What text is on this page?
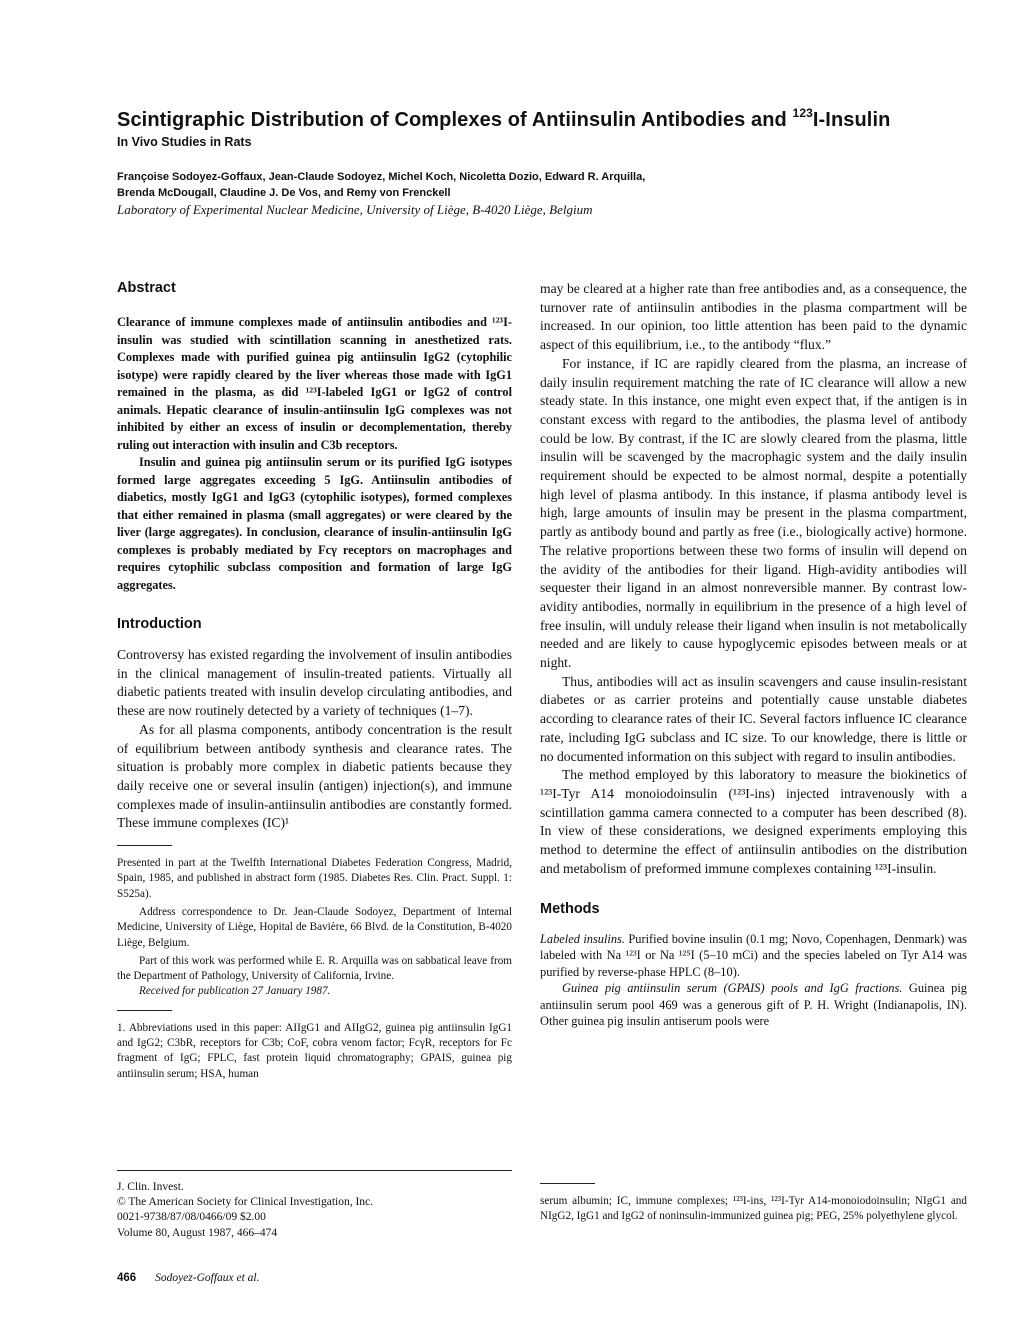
Scintigraphic Distribution of Complexes of Antiinsulin Antibodies and $^{123}$I-Insulin
In Vivo Studies in Rats
Françoise Sodoyez-Goffaux, Jean-Claude Sodoyez, Michel Koch, Nicoletta Dozio, Edward R. Arquilla,
Brenda McDougall, Claudine J. De Vos, and Remy von Frenckell
Laboratory of Experimental Nuclear Medicine, University of Liège, B-4020 Liège, Belgium
Abstract

Clearance of immune complexes made of antiinsulin antibodies and ¹²³I-insulin was studied with scintillation scanning in anesthetized rats. Complexes made with purified guinea pig antiinsulin IgG2 (cytophilic isotype) were rapidly cleared by the liver whereas those made with IgG1 remained in the plasma, as did ¹²³I-labeled IgG1 or IgG2 of control animals. Hepatic clearance of insulin-antiinsulin IgG complexes was not inhibited by either an excess of insulin or decomplementation, thereby ruling out interaction with insulin and C3b receptors.

Insulin and guinea pig antiinsulin serum or its purified IgG isotypes formed large aggregates exceeding 5 IgG. Antiinsulin antibodies of diabetics, mostly IgG1 and IgG3 (cytophilic isotypes), formed complexes that either remained in plasma (small aggregates) or were cleared by the liver (large aggregates). In conclusion, clearance of insulin-antiinsulin IgG complexes is probably mediated by Fcγ receptors on macrophages and requires cytophilic subclass composition and formation of large IgG aggregates.

Introduction

Controversy has existed regarding the involvement of insulin antibodies in the clinical management of insulin-treated patients. Virtually all diabetic patients treated with insulin develop circulating antibodies, and these are now routinely detected by a variety of techniques (1–7).

As for all plasma components, antibody concentration is the result of equilibrium between antibody synthesis and clearance rates. The situation is probably more complex in diabetic patients because they daily receive one or several insulin (antigen) injection(s), and immune complexes made of insulin-antiinsulin antibodies are constantly formed. These immune complexes (IC)¹

Presented in part at the Twelfth International Diabetes Federation Congress, Madrid, Spain, 1985, and published in abstract form (1985. Diabetes Res. Clin. Pract. Suppl. 1: S525a).

Address correspondence to Dr. Jean-Claude Sodoyez, Department of Internal Medicine, University of Liège, Hopital de Bavière, 66 Blvd. de la Constitution, B-4020 Liège, Belgium.

Part of this work was performed while E. R. Arquilla was on sabbatical leave from the Department of Pathology, University of California, Irvine.

Received for publication 27 January 1987.

1. Abbreviations used in this paper: AIIgG1 and AIIgG2, guinea pig antiinsulin IgG1 and IgG2; C3bR, receptors for C3b; CoF, cobra venom factor; FcγR, receptors for Fc fragment of IgG; FPLC, fast protein liquid chromatography; GPAIS, guinea pig antiinsulin serum; HSA, human

J. Clin. Invest.
© The American Society for Clinical Investigation, Inc.
0021-9738/87/08/0466/09 $2.00
Volume 80, August 1987, 466–474
466 Sodoyez-Goffaux et al.

may be cleared at a higher rate than free antibodies and, as a consequence, the turnover rate of antiinsulin antibodies in the plasma compartment will be increased. In our opinion, too little attention has been paid to the dynamic aspect of this equilibrium, i.e., to the antibody “flux.”

For instance, if IC are rapidly cleared from the plasma, an increase of daily insulin requirement matching the rate of IC clearance will allow a new steady state. In this instance, one might even expect that, if the antigen is in constant excess with regard to the antibodies, the plasma level of antibody could be low. By contrast, if the IC are slowly cleared from the plasma, little insulin will be scavenged by the macrophagic system and the daily insulin requirement should be expected to be almost normal, despite a potentially high level of plasma antibody. In this instance, if plasma antibody level is high, large amounts of insulin may be present in the plasma compartment, partly as antibody bound and partly as free (i.e., biologically active) hormone. The relative proportions between these two forms of insulin will depend on the avidity of the antibodies for their ligand. High-avidity antibodies will sequester their ligand in an almost nonreversible manner. By contrast low-avidity antibodies, normally in equilibrium in the presence of a high level of free insulin, will unduly release their ligand when insulin is not metabolically needed and are likely to cause hypoglycemic episodes between meals or at night.

Thus, antibodies will act as insulin scavengers and cause insulin-resistant diabetes or as carrier proteins and potentially cause unstable diabetes according to clearance rates of their IC. Several factors influence IC clearance rate, including IgG subclass and IC size. To our knowledge, there is little or no documented information on this subject with regard to insulin antibodies.

The method employed by this laboratory to measure the biokinetics of ¹²³I-Tyr A14 monoiodoinsulin (¹²³I-ins) injected intravenously with a scintillation gamma camera connected to a computer has been described (8). In view of these considerations, we designed experiments employing this method to determine the effect of antiinsulin antibodies on the distribution and metabolism of preformed immune complexes containing ¹²³I-insulin.

Methods

Labeled insulins. Purified bovine insulin (0.1 mg; Novo, Copenhagen, Denmark) was labeled with Na ¹²³I or Na ¹²⁵I (5–10 mCi) and the species labeled on Tyr A14 was purified by reverse-phase HPLC (8–10).

Guinea pig antiinsulin serum (GPAIS) pools and IgG fractions. Guinea pig antiinsulin serum pool 469 was a generous gift of P. H. Wright (Indianapolis, IN). Other guinea pig insulin antiserum pools were

serum albumin; IC, immune complexes; ¹²³I-ins, ¹²³I-Tyr A14-monoiodoinsulin; NIgG1 and NIgG2, IgG1 and IgG2 of noninsulin-immunized guinea pig; PEG, 25% polyethylene glycol.
